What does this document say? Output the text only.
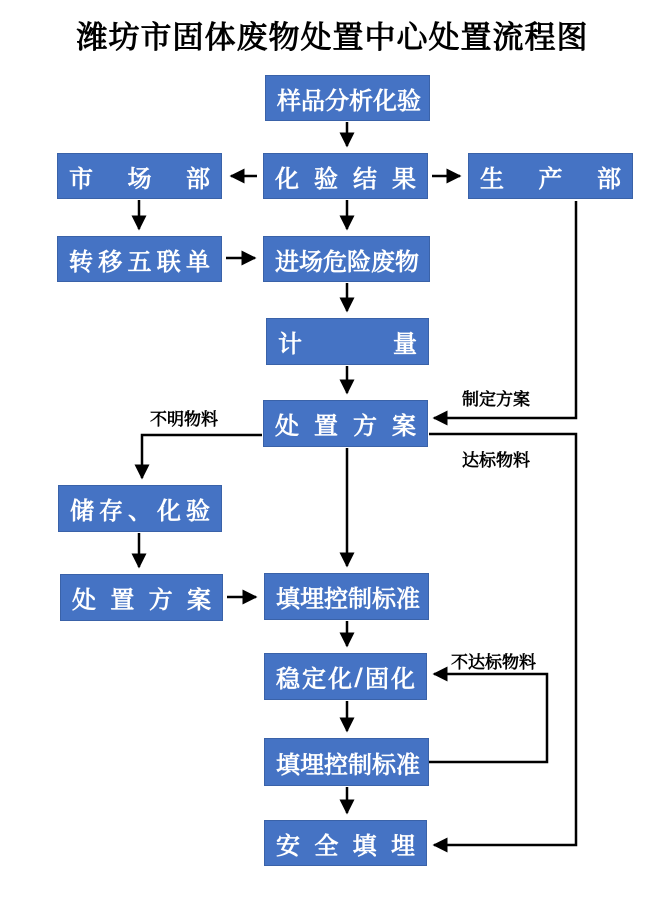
潍坊市固体废物处置中心处置流程图
样 品 分 析 化 验
市 场 部	化 验 结 果	生 产 部
转 移 五 联 单	进 场 危 险 废 物
计	量
处 置 方 案
储 存 、 化 验
处 置 方 案	填 埋 控 制 标 准
稳 定 化 / 固 化
填 埋 控 制 标 准
安 全 填 埋
制定方案
达标物料
不明物料
不达标物料
